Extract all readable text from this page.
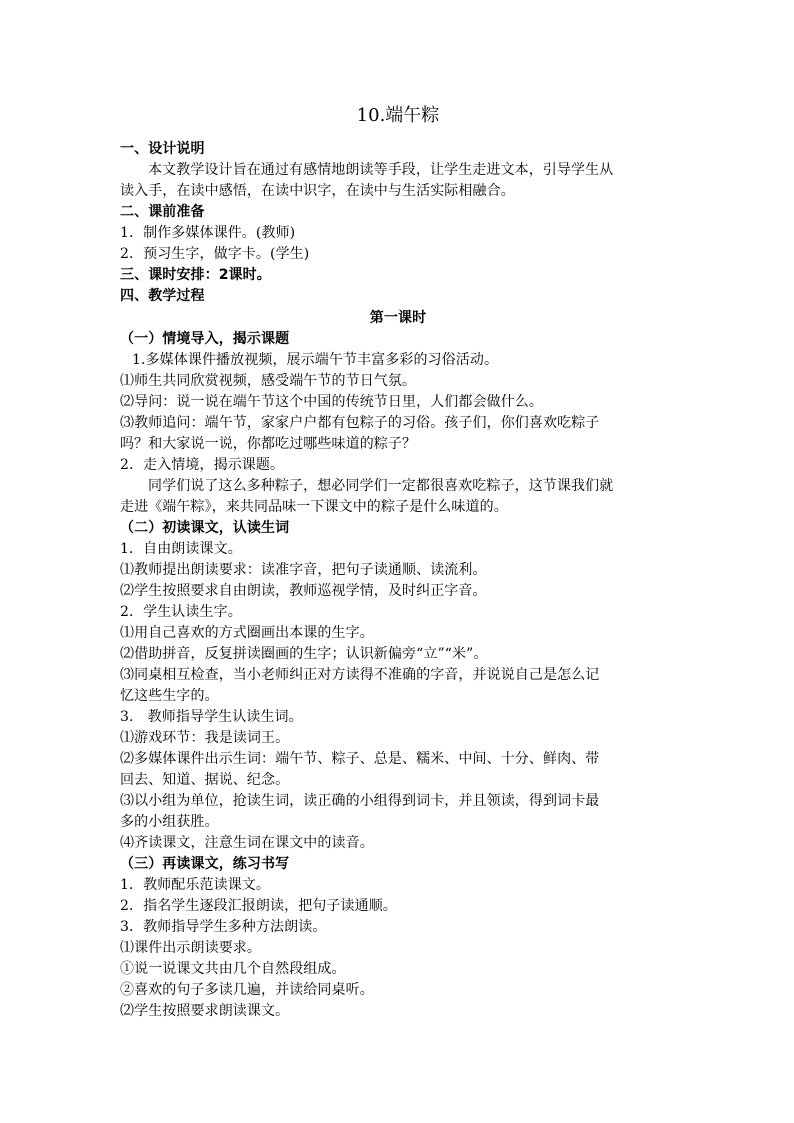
10.端午粽
一、设计说明
本文教学设计旨在通过有感情地朗读等手段，让学生走进文本，引导学生从
读入手，在读中感悟，在读中识字，在读中与生活实际相融合。
二、课前准备
1．制作多媒体课件。(教师)
2．预习生字，做字卡。(学生)
三、课时安排：2课时。
四、教学过程
第一课时
（一）情境导入，揭示课题
1.多媒体课件播放视频，展示端午节丰富多彩的习俗活动。
⑴师生共同欣赏视频，感受端午节的节日气氛。
⑵导问：说一说在端午节这个中国的传统节日里，人们都会做什么。
⑶教师追问：端午节，家家户户都有包粽子的习俗。孩子们，你们喜欢吃粽子
吗？和大家说一说，你都吃过哪些味道的粽子？
2．走入情境，揭示课题。
同学们说了这么多种粽子，想必同学们一定都很喜欢吃粽子，这节课我们就
走进《端午粽》，来共同品味一下课文中的粽子是什么味道的。
（二）初读课文，认读生词
1．自由朗读课文。
⑴教师提出朗读要求：读准字音，把句子读通顺、读流利。
⑵学生按照要求自由朗读，教师巡视学情，及时纠正字音。
2．学生认读生字。
⑴用自己喜欢的方式圈画出本课的生字。
⑵借助拼音，反复拼读圈画的生字；认识新偏旁“立”“米”。
⑶同桌相互检查，当小老师纠正对方读得不准确的字音，并说说自己是怎么记
忆这些生字的。
3.　教师指导学生认读生词。
⑴游戏环节：我是读词王。
⑵多媒体课件出示生词：端午节、粽子、总是、糯米、中间、十分、鲜肉、带
回去、知道、据说、纪念。
⑶以小组为单位，抢读生词，读正确的小组得到词卡，并且领读，得到词卡最
多的小组获胜。
⑷齐读课文，注意生词在课文中的读音。
（三）再读课文，练习书写
1．教师配乐范读课文。
2．指名学生逐段汇报朗读，把句子读通顺。
3．教师指导学生多种方法朗读。
⑴课件出示朗读要求。
①说一说课文共由几个自然段组成。
②喜欢的句子多读几遍，并读给同桌听。
⑵学生按照要求朗读课文。
